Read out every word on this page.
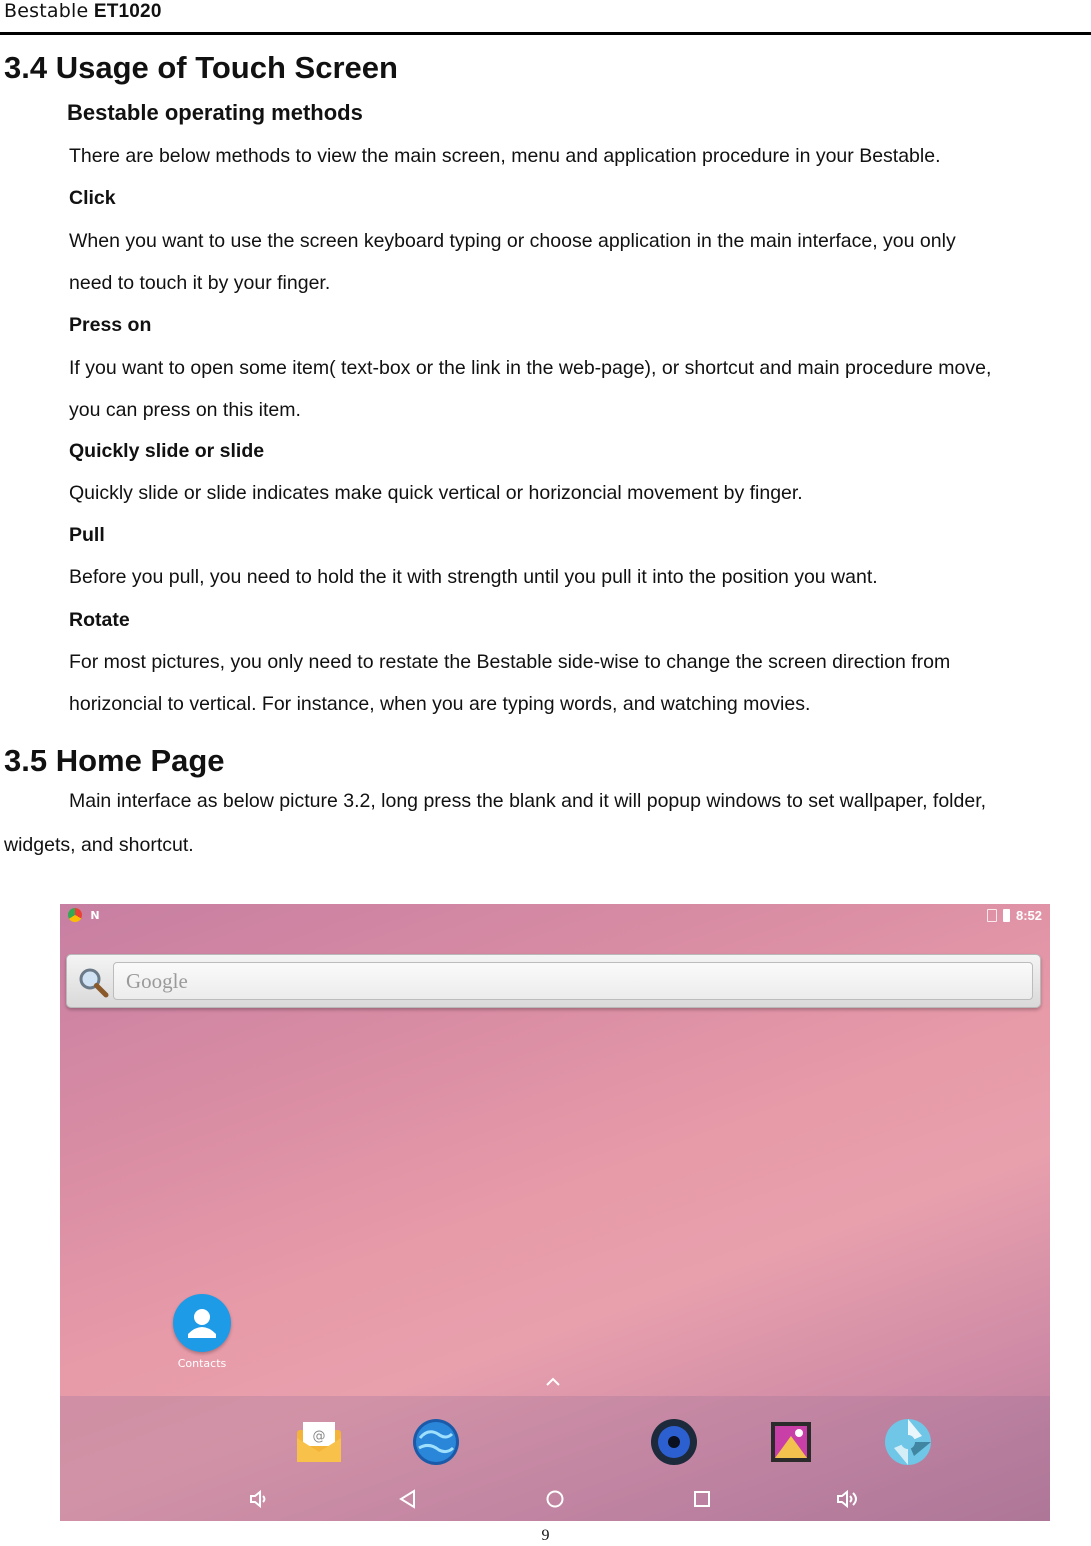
Bestable ET1020
3.4 Usage of Touch Screen
Bestable operating methods
There are below methods to view the main screen, menu and application procedure in your Bestable.
Click
When you want to use the screen keyboard typing or choose application in the main interface, you only
need to touch it by your finger.
Press on
If you want to open some item( text-box or the link in the web-page), or shortcut and main procedure move,
you can press on this item.
Quickly slide or slide
Quickly slide or slide indicates make quick vertical or horizoncial movement by finger.
Pull
Before you pull, you need to hold the it with strength until you pull it into the position you want.
Rotate
For most pictures, you only need to restate the Bestable side-wise to change the screen direction from
horizoncial to vertical. For instance, when you are typing words, and watching movies.
3.5 Home Page
Main interface as below picture 3.2, long press the blank and it will popup windows to set wallpaper, folder,
widgets, and shortcut.
N	8:52
Google
Contacts
@
9
